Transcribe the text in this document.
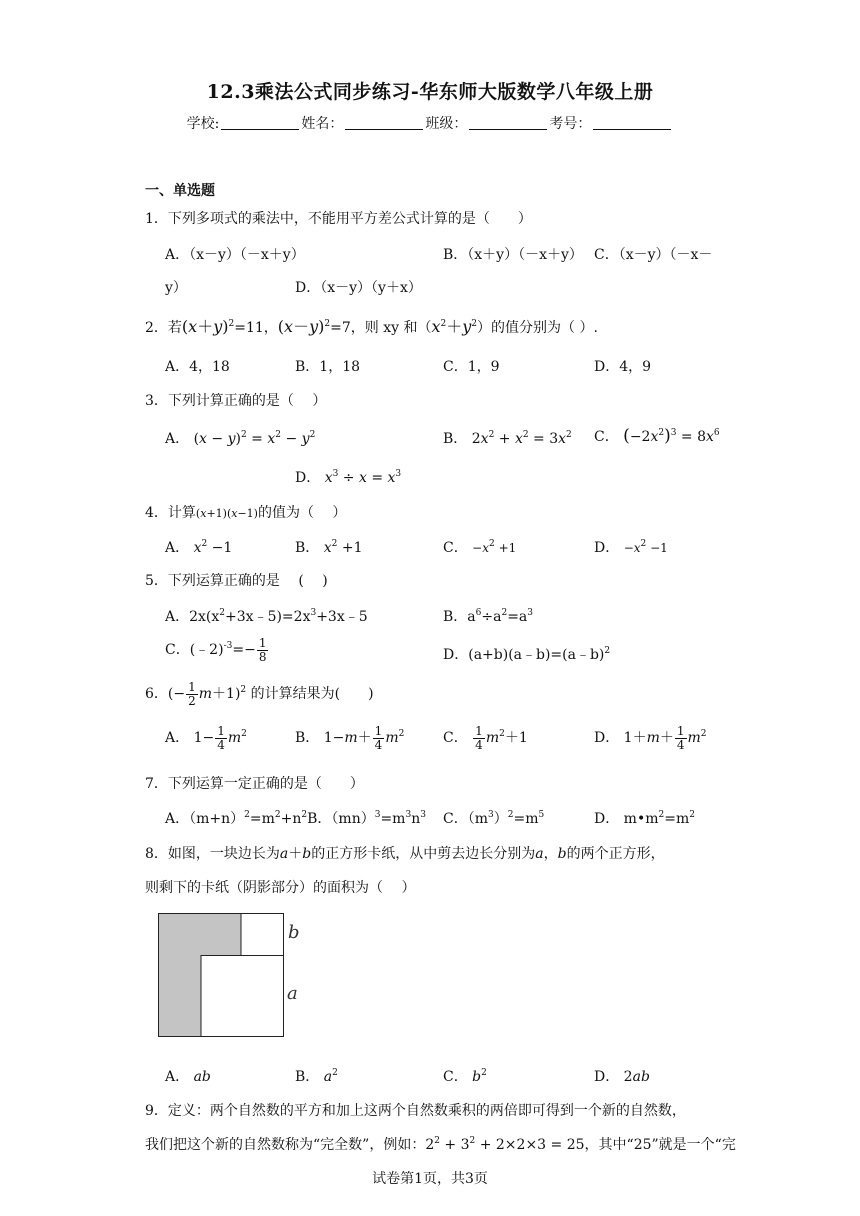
12.3乘法公式同步练习-华东师大版数学八年级上册
学校:	姓名：	班级：	考号：
一、单选题
1．下列多项式的乘法中，不能用平方差公式计算的是（　　）
A．（x－y）（－x＋y）	B．（x＋y）（－x＋y） C．（x－y）（－x－
y）	D．（x－y）（y＋x）
2．若$(x+y)^2=11$，$(x-y)^2=7$，则 xy 和$(x^2+y^2)$的值分别为（ ）.
A．4，18	B．1，18	C．1，9	D．4，9
3．下列计算正确的是（　 ）
A． $(x - y)^2 = x^2 - y^2$	B． $2x^2 + x^2 = 3x^2$ C． $(-2x^2)^3 = 8x^6$
D． $x^3 \div x = x^3$
4．计算(x+1)(x−1)的值为（　 ）
A． $x^2 -1$	B． $x^2 +1$	C． $-x^2 +1$	D． $-x^2 -1$
5．下列运算正确的是　 (　 )
A．$2x(x^2+3x﹣5)=2x^3+3x﹣5$	B．$a^6\div a^2=a^3$
C．(﹣2)$^{-3}$=− $\frac{1}{8}$	D．(a+b)(a﹣b)=(a﹣b)$^2$
6．(− $\frac{1}{2} m+1)^2$ 的计算结果为(　　)
A． $1- \frac{1}{4} m^2$	B． $1-m+ \frac{1}{4} m^2$	C． $\frac{1}{4} m^2+1$	D． $1+m+ \frac{1}{4} m^2$
7．下列运算一定正确的是（　　）
A．$(m+n)^2=m^2+n^2B$．$(mn)^3=m^3n^3$ C．$(m^3)^2=m^5$	D． $m•m^2=m^2$
8．如图，一块边长为a＋b的正方形卡纸，从中剪去边长分别为a，b的两个正方形，
则剩下的卡纸（阴影部分）的面积为（　 ）
b
a
A． ab	B． $a^2$	C． $b^2$	D． 2ab
9．定义：两个自然数的平方和加上这两个自然数乘积的两倍即可得到一个新的自然数，
我们把这个新的自然数称为“完全数”，例如：$2^2 + 3^2 + 2\times 2\times 3 = 25$，其中“25”就是一个“完
试卷第1页，共3页
